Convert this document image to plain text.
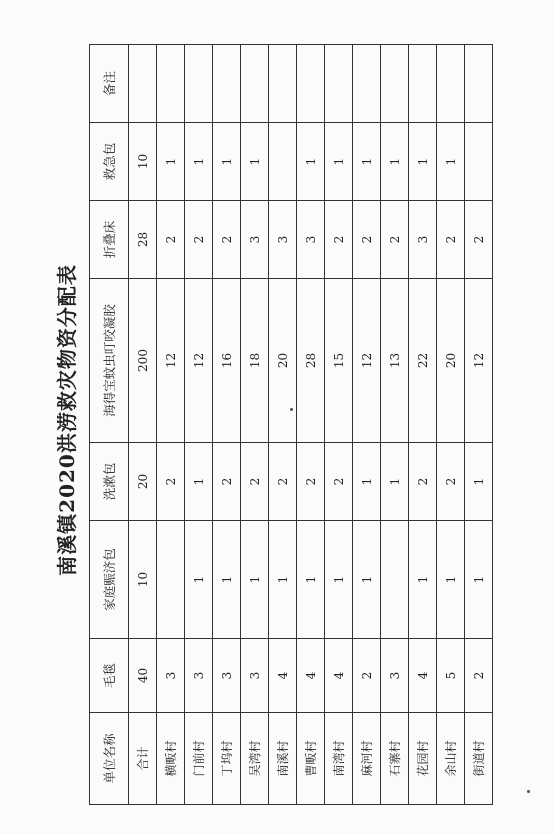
南溪镇2020洪涝救灾物资分配表
单位名称	毛毯	家庭赈济包	洗漱包	海得宝蚊虫叮咬凝胶	折叠床	救急包	备注
合计	40	10	20	200	28	10	
横畈村	3		2	12	2	1	
门前村	3	1	1	12	2	1	
丁坞村	3	1	2	16	2	1	
吴湾村	3	1	2	18	3	1	
南溪村	4	1	2	20	3		
曹畈村	4	1	2	28	3	1	
南湾村	4	1	2	15	2	1	
麻河村	2	1	1	12	2	1	
石寨村	3		1	13	2	1	
花园村	4	1	2	22	3	1	
余山村	5	1	2	20	2	1	
街道村	2	1	1	12	2		
